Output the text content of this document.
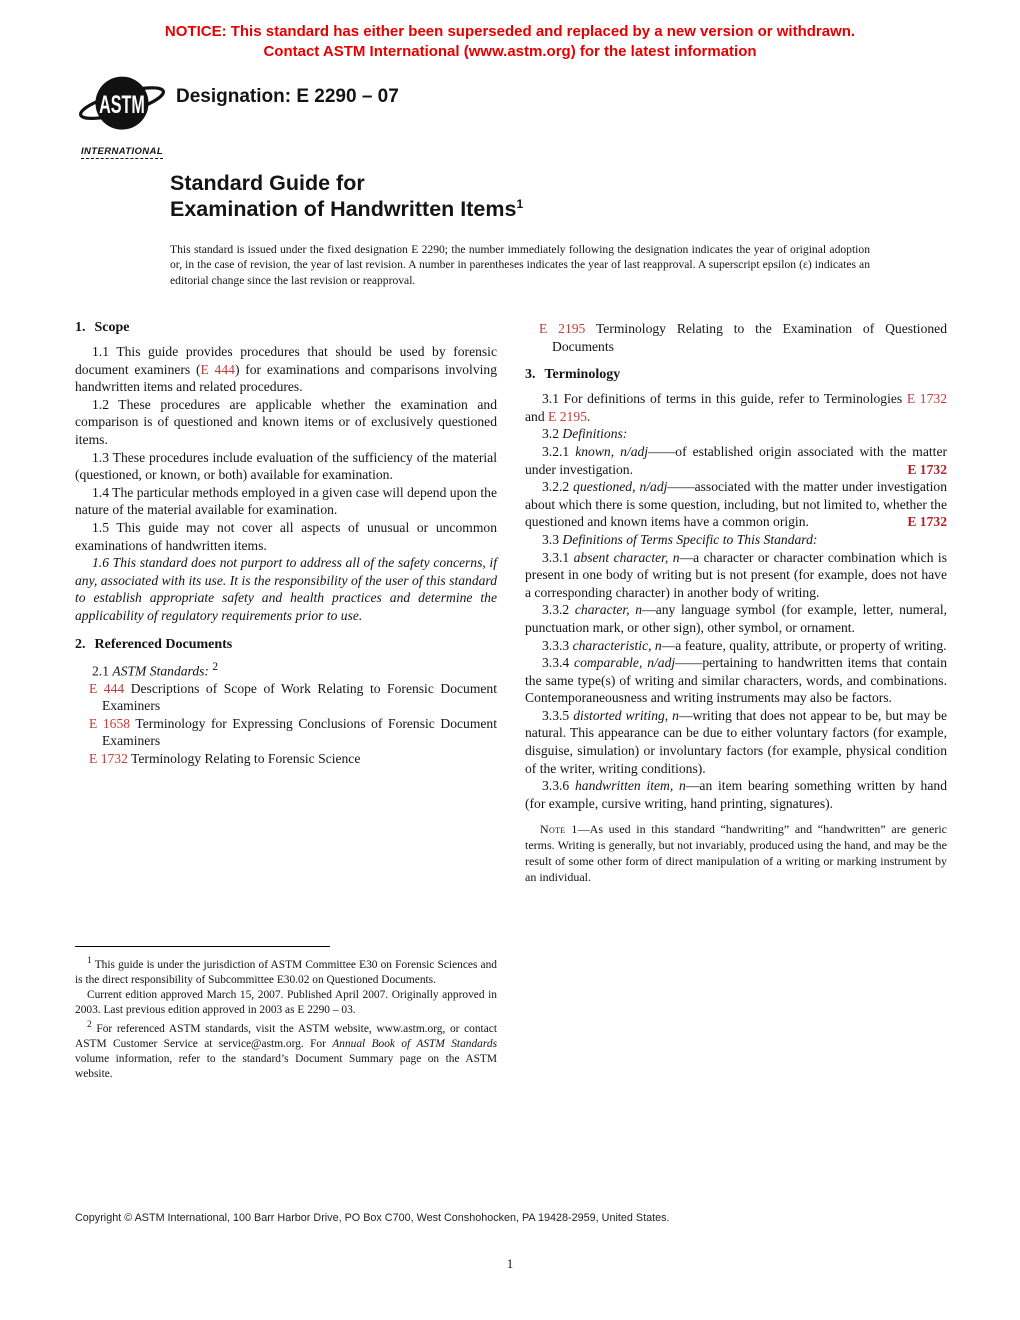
NOTICE: This standard has either been superseded and replaced by a new version or withdrawn.
Contact ASTM International (www.astm.org) for the latest information
ASTM
INTERNATIONAL
Designation: E 2290 – 07
Standard Guide for
Examination of Handwritten Items$^1$
This standard is issued under the fixed designation E 2290; the number immediately following the designation indicates the year of original adoption or, in the case of revision, the year of last revision. A number in parentheses indicates the year of last reapproval. A superscript epsilon (ε) indicates an editorial change since the last revision or reapproval.
1. Scope

1.1 This guide provides procedures that should be used by forensic document examiners (E 444) for examinations and comparisons involving handwritten items and related procedures.

1.2 These procedures are applicable whether the examination and comparison is of questioned and known items or of exclusively questioned items.

1.3 These procedures include evaluation of the sufficiency of the material (questioned, or known, or both) available for examination.

1.4 The particular methods employed in a given case will depend upon the nature of the material available for examination.

1.5 This guide may not cover all aspects of unusual or uncommon examinations of handwritten items.

1.6 This standard does not purport to address all of the safety concerns, if any, associated with its use. It is the responsibility of the user of this standard to establish appropriate safety and health practices and determine the applicability of regulatory requirements prior to use.

2. Referenced Documents

2.1 ASTM Standards: $^2$

E 444 Descriptions of Scope of Work Relating to Forensic Document Examiners

E 1658 Terminology for Expressing Conclusions of Forensic Document Examiners

E 1732 Terminology Relating to Forensic Science

$^1$ This guide is under the jurisdiction of ASTM Committee E30 on Forensic Sciences and is the direct responsibility of Subcommittee E30.02 on Questioned Documents.

Current edition approved March 15, 2007. Published April 2007. Originally approved in 2003. Last previous edition approved in 2003 as E 2290 – 03.

$^2$ For referenced ASTM standards, visit the ASTM website, www.astm.org, or contact ASTM Customer Service at service@astm.org. For Annual Book of ASTM Standards volume information, refer to the standard’s Document Summary page on the ASTM website.

E 2195 Terminology Relating to the Examination of Questioned Documents

3. Terminology

3.1 For definitions of terms in this guide, refer to Terminologies E 1732 and E 2195.

3.2 Definitions:

3.2.1 known, n/adj——of established origin associated with the matter under investigation.	E 1732

3.2.2 questioned, n/adj——associated with the matter under investigation about which there is some question, including, but not limited to, whether the questioned and known items have a common origin.	E 1732

3.3 Definitions of Terms Specific to This Standard:

3.3.1 absent character, n—a character or character combination which is present in one body of writing but is not present (for example, does not have a corresponding character) in another body of writing.

3.3.2 character, n—any language symbol (for example, letter, numeral, punctuation mark, or other sign), other symbol, or ornament.

3.3.3 characteristic, n—a feature, quality, attribute, or property of writing.

3.3.4 comparable, n/adj——pertaining to handwritten items that contain the same type(s) of writing and similar characters, words, and combinations. Contemporaneousness and writing instruments may also be factors.

3.3.5 distorted writing, n—writing that does not appear to be, but may be natural. This appearance can be due to either voluntary factors (for example, disguise, simulation) or involuntary factors (for example, physical condition of the writer, writing conditions).

3.3.6 handwritten item, n—an item bearing something written by hand (for example, cursive writing, hand printing, signatures).

Note 1—As used in this standard “handwriting” and “handwritten” are generic terms. Writing is generally, but not invariably, produced using the hand, and may be the result of some other form of direct manipulation of a writing or marking instrument by an individual.

Copyright © ASTM International, 100 Barr Harbor Drive, PO Box C700, West Conshohocken, PA 19428-2959, United States.
1
